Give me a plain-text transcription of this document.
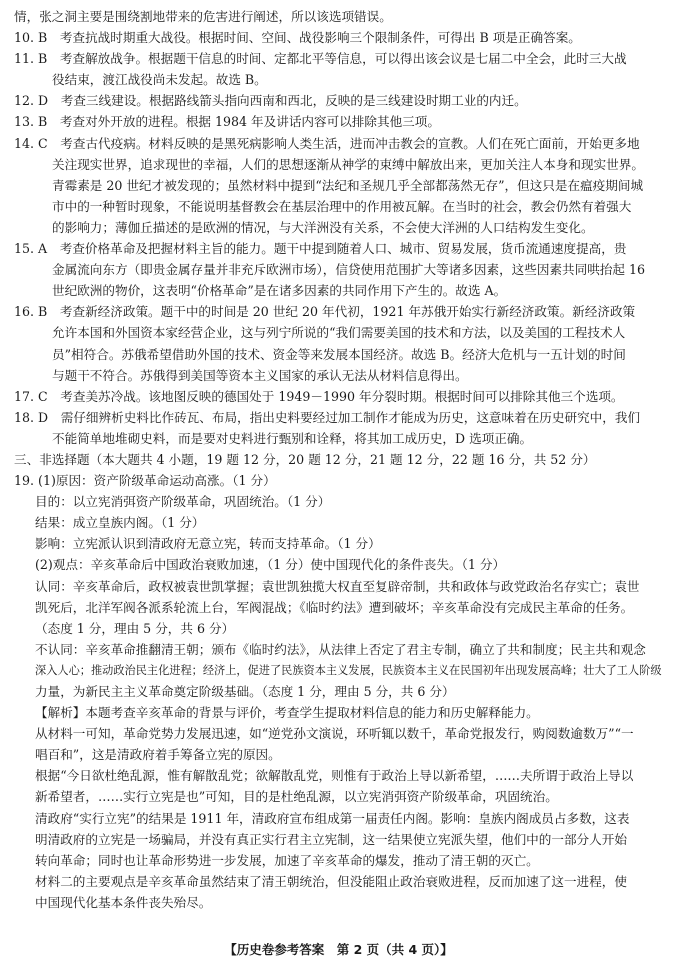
情，张之洞主要是围绕割地带来的危害进行阐述，所以该选项错误。
10. B　考查抗战时期重大战役。根据时间、空间、战役影响三个限制条件，可得出 B 项是正确答案。
11. B　考查解放战争。根据题干信息的时间、定都北平等信息，可以得出该会议是七届二中全会，此时三大战
役结束，渡江战役尚未发起。故选 B。
12. D　考查三线建设。根据路线箭头指向西南和西北，反映的是三线建设时期工业的内迁。
13. B　考查对外开放的进程。根据 1984 年及讲话内容可以排除其他三项。
14. C　考查古代疫病。材料反映的是黑死病影响人类生活，进而冲击教会的宣教。人们在死亡面前，开始更多地
关注现实世界，追求现世的幸福，人们的思想逐渐从神学的束缚中解放出来，更加关注人本身和现实世界。
青霉素是 20 世纪才被发现的；虽然材料中提到“法纪和圣规几乎全部都荡然无存”，但这只是在瘟疫期间城
市中的一种暂时现象，不能说明基督教会在基层治理中的作用被瓦解。在当时的社会，教会仍然有着强大
的影响力；薄伽丘描述的是欧洲的情况，与大洋洲没有关系，不会使大洋洲的人口结构发生变化。
15. A　考查价格革命及把握材料主旨的能力。题干中提到随着人口、城市、贸易发展，货币流通速度提高，贵
金属流向东方（即贵金属存量并非充斥欧洲市场），信贷使用范围扩大等诸多因素，这些因素共同哄抬起 16
世纪欧洲的物价，这表明“价格革命”是在诸多因素的共同作用下产生的。故选 A。
16. B　考查新经济政策。题干中的时间是 20 世纪 20 年代初，1921 年苏俄开始实行新经济政策。新经济政策
允许本国和外国资本家经营企业，这与列宁所说的“我们需要美国的技术和方法，以及美国的工程技术人
员”相符合。苏俄希望借助外国的技术、资金等来发展本国经济。故选 B。经济大危机与一五计划的时间
与题干不符合。苏俄得到美国等资本主义国家的承认无法从材料信息得出。
17. C　考查美苏冷战。该地图反映的德国处于 1949－1990 年分裂时期。根据时间可以排除其他三个选项。
18. D　需仔细辨析史料比作砖瓦、布局，指出史料要经过加工制作才能成为历史，这意味着在历史研究中，我们
不能简单地堆砌史料，而是要对史料进行甄别和诠释，将其加工成历史，D 选项正确。
三、非选择题（本大题共 4 小题，19 题 12 分，20 题 12 分，21 题 12 分，22 题 16 分，共 52 分）
19. (1)原因：资产阶级革命运动高涨。（1 分）
目的：以立宪消弭资产阶级革命，巩固统治。（1 分）
结果：成立皇族内阁。（1 分）
影响：立宪派认识到清政府无意立宪，转而支持革命。（1 分）
(2)观点：辛亥革命后中国政治衰败加速，（1 分）使中国现代化的条件丧失。（1 分）
认同：辛亥革命后，政权被袁世凯掌握；袁世凯独揽大权直至复辟帝制，共和政体与政党政治名存实亡；袁世
凯死后，北洋军阀各派系轮流上台，军阀混战；《临时约法》遭到破坏；辛亥革命没有完成民主革命的任务。
（态度 1 分，理由 5 分，共 6 分）
不认同：辛亥革命推翻清王朝；颁布《临时约法》，从法律上否定了君主专制，确立了共和制度；民主共和观念
深入人心；推动政治民主化进程；经济上，促进了民族资本主义发展，民族资本主义在民国初年出现发展高峰；壮大了工人阶级
力量，为新民主主义革命奠定阶级基础。（态度 1 分，理由 5 分，共 6 分）
【解析】本题考查辛亥革命的背景与评价，考查学生提取材料信息的能力和历史解释能力。
从材料一可知，革命党势力发展迅速，如“逆党孙文演说，环听辄以数千，革命党报发行，购阅数逾数万”“一
唱百和”，这是清政府着手筹备立宪的原因。
根据“今日欲杜绝乱源，惟有解散乱党；欲解散乱党，则惟有于政治上导以新希望，……夫所谓于政治上导以
新希望者，……实行立宪是也”可知，目的是杜绝乱源，以立宪消弭资产阶级革命，巩固统治。
清政府“实行立宪”的结果是 1911 年，清政府宣布组成第一届责任内阁。影响：皇族内阁成员占多数，这表
明清政府的立宪是一场骗局，并没有真正实行君主立宪制，这一结果使立宪派失望，他们中的一部分人开始
转向革命；同时也让革命形势进一步发展，加速了辛亥革命的爆发，推动了清王朝的灭亡。
材料二的主要观点是辛亥革命虽然结束了清王朝统治，但没能阻止政治衰败进程，反而加速了这一进程，使
中国现代化基本条件丧失殆尽。
【历史卷参考答案　第 2 页（共 4 页）】
